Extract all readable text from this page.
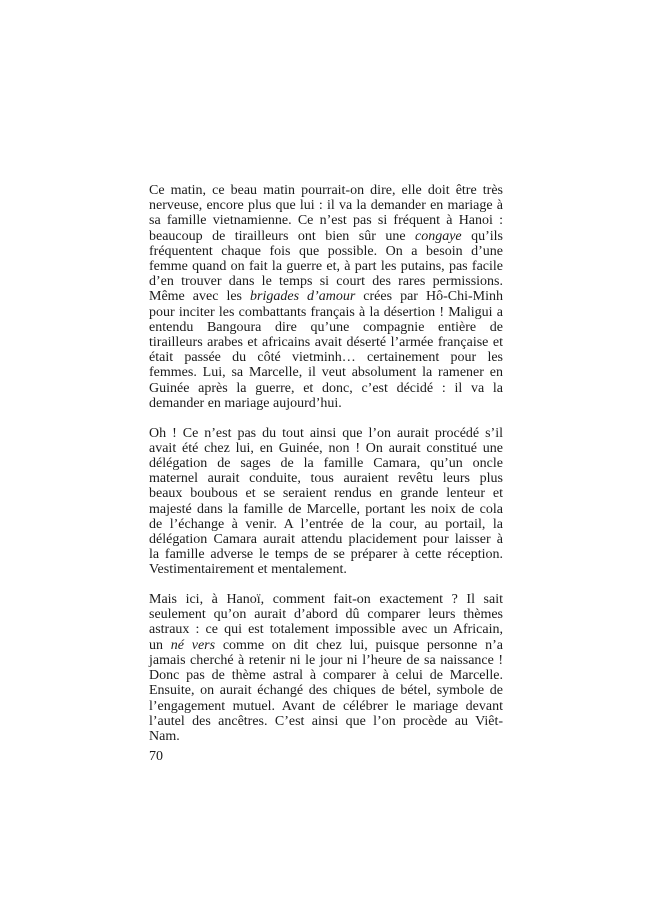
Ce matin, ce beau matin pourrait-on dire, elle doit être très
nerveuse, encore plus que lui : il va la demander en mariage à
sa famille vietnamienne. Ce n’est pas si fréquent à Hanoi :
beaucoup de tirailleurs ont bien sûr une congaye qu’ils
fréquentent chaque fois que possible. On a besoin d’une
femme quand on fait la guerre et, à part les putains, pas facile
d’en trouver dans le temps si court des rares permissions.
Même avec les brigades d’amour crées par Hô-Chi-Minh
pour inciter les combattants français à la désertion ! Maligui a
entendu Bangoura dire qu’une compagnie entière de
tirailleurs arabes et africains avait déserté l’armée française et
était passée du côté vietminh… certainement pour les
femmes. Lui, sa Marcelle, il veut absolument la ramener en
Guinée après la guerre, et donc, c’est décidé : il va la
demander en mariage aujourd’hui.

Oh ! Ce n’est pas du tout ainsi que l’on aurait procédé s’il
avait été chez lui, en Guinée, non ! On aurait constitué une
délégation de sages de la famille Camara, qu’un oncle
maternel aurait conduite, tous auraient revêtu leurs plus
beaux boubous et se seraient rendus en grande lenteur et
majesté dans la famille de Marcelle, portant les noix de cola
de l’échange à venir. A l’entrée de la cour, au portail, la
délégation Camara aurait attendu placidement pour laisser à
la famille adverse le temps de se préparer à cette réception.
Vestimentairement et mentalement.

Mais ici, à Hanoï, comment fait-on exactement ? Il sait
seulement qu’on aurait d’abord dû comparer leurs thèmes
astraux : ce qui est totalement impossible avec un Africain,
un né vers comme on dit chez lui, puisque personne n’a
jamais cherché à retenir ni le jour ni l’heure de sa naissance !
Donc pas de thème astral à comparer à celui de Marcelle.
Ensuite, on aurait échangé des chiques de bétel, symbole de
l’engagement mutuel. Avant de célébrer le mariage devant
l’autel des ancêtres. C’est ainsi que l’on procède au Viêt-
Nam.

70
